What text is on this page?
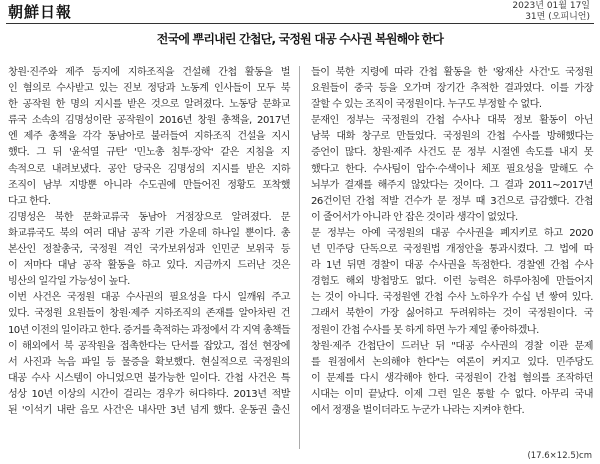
朝鮮日報	2023년 01월 17일
31면 (오피니언)
전국에 뿌리내린 간첩단, 국정원 대공 수사권 복원해야 한다
창원·진주와 제주 등지에 지하조직을 건설해 간첩 활동을 벌
인 혐의로 수사받고 있는 진보 정당과 노동계 인사들이 모두 북
한 공작원 한 명의 지시를 받은 것으로 알려졌다. 노동당 문화교
류국 소속의 김명성이란 공작원이 2016년 창원 총책을, 2017년
엔 제주 총책을 각각 동남아로 불러들여 지하조직 건설을 지시
했다. 그 뒤 '윤석열 규탄' '민노총 침투·장악' 같은 지침을 지
속적으로 내려보냈다. 공안 당국은 김명성의 지시를 받은 지하
조직이 남부 지방뿐 아니라 수도권에 만들어진 정황도 포착했
다고 한다.
김명성은 북한 문화교류국 동남아 거점장으로 알려졌다. 문
화교류국도 북의 여러 대남 공작 기관 가운데 하나일 뿐이다. 총
본산인 정찰총국, 국정원 격인 국가보위성과 인민군 보위국 등
이 저마다 대남 공작 활동을 하고 있다. 지금까지 드러난 것은
빙산의 일각일 가능성이 높다.
이번 사건은 국정원 대공 수사권의 필요성을 다시 일깨워 주고
있다. 국정원 요원들이 창원·제주 지하조직의 존재를 알아차린 건
10년 이전의 일이라고 한다. 증거를 축적하는 과정에서 각 지역 총책들
이 해외에서 북 공작원을 접촉한다는 단서를 잡았고, 접선 현장에
서 사진과 녹음 파일 등 물증을 확보했다. 현실적으로 국정원의
대공 수사 시스템이 아니었으면 불가능한 일이다. 간첩 사건은 특
성상 10년 이상의 시간이 걸리는 경우가 허다하다. 2013년 적발
된 '이석기 내란 음모 사건'은 내사만 3년 넘게 했다. 운동권 출신
들이 북한 지령에 따라 간첩 활동을 한 '왕재산 사건'도 국정원
요원들이 중국 등을 오가며 장기간 추적한 결과였다. 이를 가장
잘할 수 있는 조직이 국정원이다. 누구도 부정할 수 없다.
문재인 정부는 국정원의 간첩 수사나 대북 정보 활동이 아닌
남북 대화 창구로 만들었다. 국정원의 간첩 수사를 방해했다는
증언이 많다. 창원·제주 사건도 문 정부 시절엔 속도를 내지 못
했다고 한다. 수사팀이 압수·수색이나 체포 필요성을 말해도 수
뇌부가 결재를 해주지 않았다는 것이다. 그 결과 2011~2017년
26건이던 간첩 적발 건수가 문 정부 때 3건으로 급감했다. 간첩
이 줄어서가 아니라 안 잡은 것이라 생각이 없었다.
문 정부는 아예 국정원의 대공 수사권을 폐지키로 하고 2020
년 민주당 단독으로 국정원법 개정안을 통과시켰다. 그 법에 따
라 1년 뒤면 경찰이 대공 수사권을 독점한다. 경찰엔 간첩 수사
경험도 해외 방첩망도 없다. 이런 능력은 하루아침에 만들어지
는 것이 아니다. 국정원엔 간첩 수사 노하우가 수십 년 쌓여 있다.
그래서 북한이 가장 싫어하고 두려워하는 것이 국정원이다. 국
정원이 간첩 수사를 못 하게 하면 누가 제일 좋아하겠나.
창원·제주 간첩단이 드러난 뒤 "대공 수사권의 경찰 이관 문제
를 원점에서 논의해야 한다"는 여론이 커지고 있다. 민주당도
이 문제를 다시 생각해야 한다. 국정원이 간첩 혐의를 조작하던
시대는 이미 끝났다. 이제 그런 일은 통할 수 없다. 아무리 국내
에서 정쟁을 벌이더라도 누군가 나라는 지켜야 한다.
(17.6×12.5)cm
